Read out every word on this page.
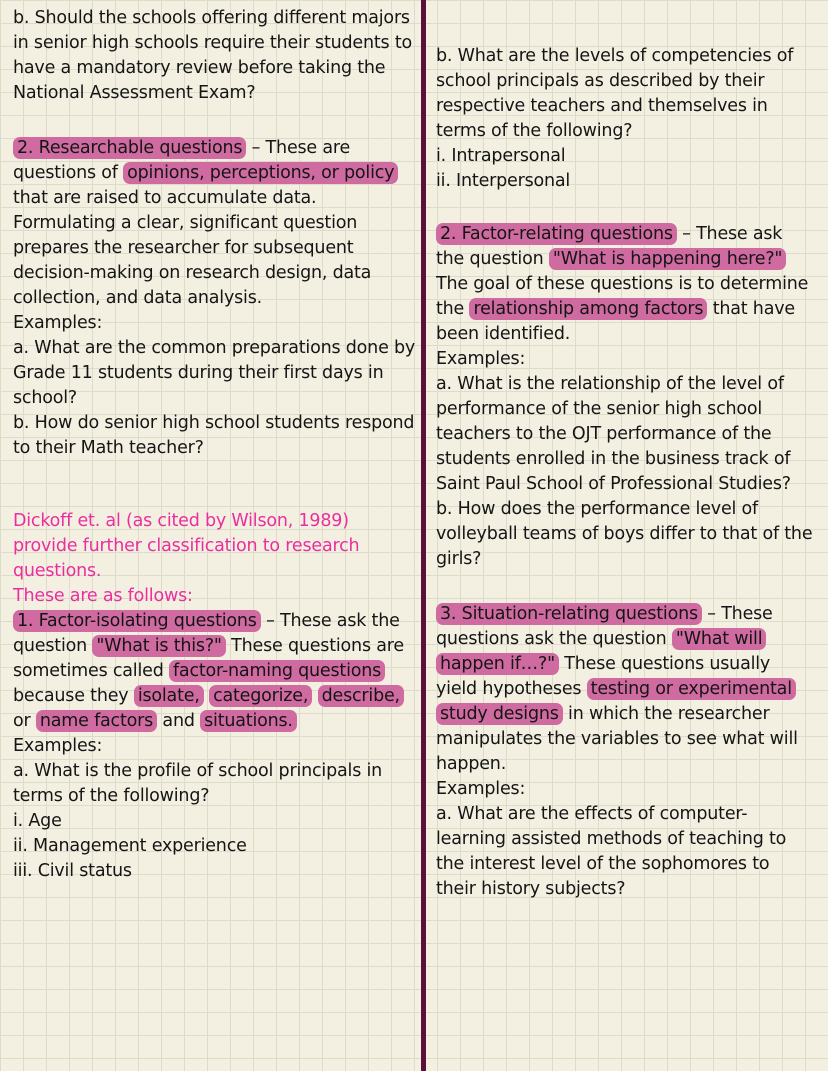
b. Should the schools offering different majors in senior high schools require their students to have a mandatory review before taking the National Assessment Exam?

2. Researchable questions – These are questions of opinions, perceptions, or policy that are raised to accumulate data. Formulating a clear, significant question prepares the researcher for subsequent decision-making on research design, data collection, and data analysis.

Examples:

a. What are the common preparations done by Grade 11 students during their first days in school?

b. How do senior high school students respond to their Math teacher?

Dickoff et. al (as cited by Wilson, 1989) provide further classification to research questions.

These are as follows:

1. Factor-isolating questions – These ask the question "What is this?" These questions are sometimes called factor-naming questions because they isolate, categorize, describe, or name factors and situations.

Examples:

a. What is the profile of school principals in terms of the following?

i. Age

ii. Management experience

iii. Civil status

b. What are the levels of competencies of school principals as described by their respective teachers and themselves in terms of the following?

i. Intrapersonal

ii. Interpersonal

2. Factor-relating questions – These ask the question "What is happening here?" The goal of these questions is to determine the relationship among factors that have been identified.

Examples:

a. What is the relationship of the level of performance of the senior high school teachers to the OJT performance of the students enrolled in the business track of Saint Paul School of Professional Studies?

b. How does the performance level of volleyball teams of boys differ to that of the girls?

3. Situation-relating questions – These questions ask the question "What will happen if…?" These questions usually yield hypotheses testing or experimental study designs in which the researcher manipulates the variables to see what will happen.

Examples:

a. What are the effects of computer-learning assisted methods of teaching to the interest level of the sophomores to their history subjects?
